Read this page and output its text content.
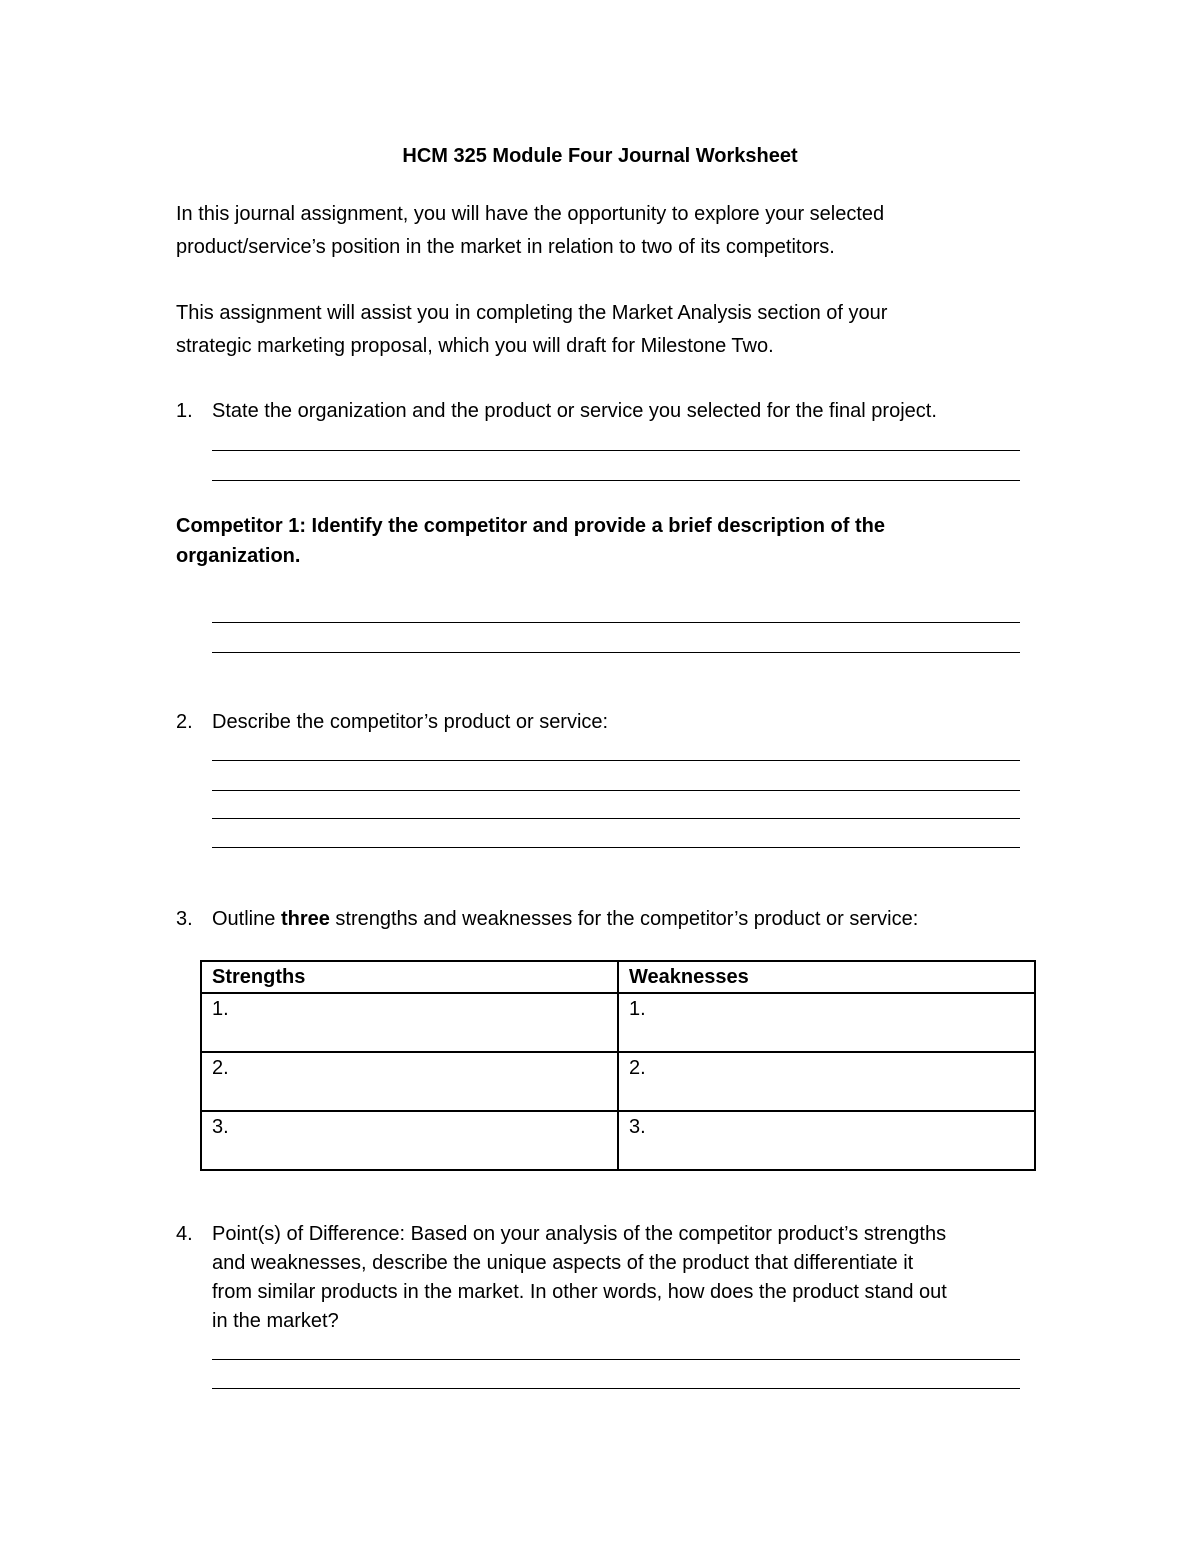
HCM 325 Module Four Journal Worksheet
In this journal assignment, you will have the opportunity to explore your selected
product/service’s position in the market in relation to two of its competitors.
This assignment will assist you in completing the Market Analysis section of your
strategic marketing proposal, which you will draft for Milestone Two.
1. State the organization and the product or service you selected for the final project.
Competitor 1: Identify the competitor and provide a brief description of the
organization.
2. Describe the competitor’s product or service:
3. Outline three strengths and weaknesses for the competitor’s product or service:
Strengths	Weaknesses
1.	1.
2.	2.
3.	3.
4. Point(s) of Difference: Based on your analysis of the competitor product’s strengths
and weaknesses, describe the unique aspects of the product that differentiate it
from similar products in the market. In other words, how does the product stand out
in the market?
